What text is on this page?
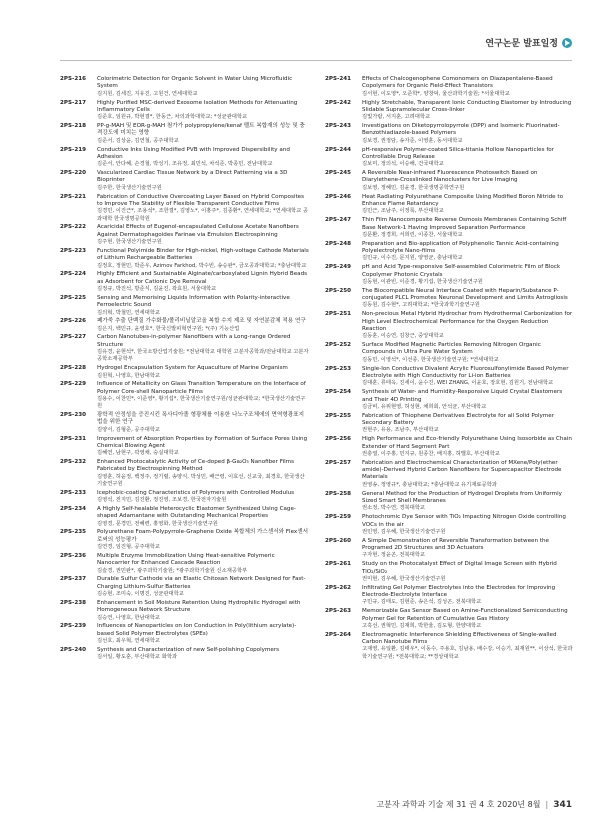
연구논문 발표일정
2PS-216	Colorimetric Detection for Organic Solvent in Water Using Microfluidic System
김지원, 김세진, 지유진, 고원건, 연세대학교
2PS-217	Highly Purified MSC-derived Exosome Isolation Methods for Attenuating Inflammatory Cells
김준호, 임원규, 박현결*, 한동근, 차의과학대학교; *성균관대학교
2PS-218	PP-g-MAH 및 EOR-g-MAH 첨가가 polypropylene/kenaf 펠트 복합재의 성능 및 충격강도에 미치는 영향
김준서, 김상윤, 김연철, 공주대학교
2PS-219	Conductive Inks Using Modified PVB with Improved Dispersibility and Adhesion
김준서, 안다혜, 손경철, 박성기, 조유정, 최민석, 차석준, 박종민, 전남대학교
2PS-220	Vascularized Cardiac Tissue Network by a Direct Patterning via a 3D Bioprinter
김주한, 한국생산기술연구원
2PS-221	Fabrication of Conductive Overcoating Layer Based on Hybrid Composites to Improve The Stability of Flexible Transparent Conductive Films
김경민, 이진근*, 조용석*, 조한결*, 김영노*, 이홍주*, 김종환*, 연세대학교; *연세대학교 공과대학 한국생명공학원
2PS-222	Acaricidal Effects of Eugenol-encapsulated Cellulose Acetate Nanofibers Against Dermatophagoides Farinae via Emulsion Electrospinning
김주현, 한국생산기술연구원
2PS-223	Functional Polyimide Binder for High-nickel, High-voltage Cathode Materials of Lithium Rechargeable Batteries
김정호, 정현민, 박준우, Azimov Farkhod, 박수빈, 송승완*, 금오공과대학교; *충남대학교
2PS-224	Highly Efficient and Sustainable Alginate/carboxylated Lignin Hybrid Beads as Adsorbent for Cationic Dye Removal
김정규, 박진석, 방준식, 김윤진, 곽효원, 서울대학교
2PS-225	Sensing and Memorising Liquids Information with Polarity-interactive Ferroelectric Sound
김의혁, 박철민, 연세대학교
2PS-226	폐가죽 추출 단백질 가수화물/폴리비닐알코올 복합 수지 제조 및 자연분감체 적용 연구
김은지, 백민규, 윤영호*, 한국신발피혁연구원; *(주) 기능산업
2PS-227	Carbon Nanotubes-in-polymer Nanofibers with a Long-range Ordered Structure
김유경, 윤현석*, 한국소방산업기술원; *전남대학교 대학원 고분자공학과/전남대학교 고분자공학소재공학부
2PS-228	Hydrogel Encapsulation System for Aquaculture of Marine Organism
김원혁, 나영호, 한남대학교
2PS-229	Influence of Metallicity on Glass Transition Temperature on the Interface of Polymer Core-shell Nanoparticle Films
김용수, 이찬민*, 이준영*, 황기섭*, 한국생산기술연구원/성균관대학교; *한국생산기술연구원
2PS-230	광학적 안정성을 증진시킨 폭사디아졸 형광체를 이용한 나노구조체에의 면역형광표지법을 위한 연구
김양서, 김형준, 공주대학교
2PS-231	Improvement of Absorption Properties by Formation of Surface Pores Using Chemical Blowing Agent
김혜연, 남현구, 곽영채, 숭실대학교
2PS-232	Enhanced Photocatalytic Activity of Ce-doped β-Ga₂O₃ Nanofiber Films Fabricated by Electrospinning Method
김영훈, 허윤정, 백정주, 정기렬, 송양식, 박성민, 배근령, 이효선, 신교국, 최경호, 한국생산기술연구원
2PS-233	Icephobic-coating Characteristics of Polymers with Controlled Modulus
김영석, 전지민, 김진환, 정진영, 조보경, 한국전자기술원
2PS-234	A Highly Self-healable Heterocyclic Elastomer Synthesized Using Cage-shaped Adamantane with Outstanding Mechanical Properties
김영경, 문경민, 전혜련, 홍영화, 한국생산기술연구원
2PS-235	Polyurethane Foam-Polypyrrole-Graphene Oxide 복합체의 가스센서와 Flex센서로써의 성능평가
김연경, 임진형, 공주대학교
2PS-236	Multiple Enzyme Immobilization Using Heat-sensitive Polymeric Nanocarrier for Enhanced Cascade Reaction
김슬경, 권민완*, 광주과학기술원; *광주과학기술원 신소재공학부
2PS-237	Durable Sulfur Cathode via an Elastic Chitosan Network Designed for Fast-Charging Lithium-Sulfur Batteries
김승현, 조미숙, 이명진, 성균관대학교
2PS-238	Enhancement in Soil Moisture Retention Using Hydrophilic Hydrogel with Homogeneous Network Structure
김승연, 나영호, 한남대학교
2PS-239	Influences of Nanoparticles on Ion Conduction in Poly(lithium acrylate)-based Solid Polymer Electrolytes (SPEs)
김선호, 최우혁, 연세대학교
2PS-240	Synthesis and Characterization of new Self-polishing Copolymers
김서일, 황도훈, 부산대학교 화학과
2PS-241	Effects of Chalcogenophene Comonomers on Diazapentalene-Based Copolymers for Organic Field-Effect Transistors
김서현, 이도영*, 오준학*, 양창덕, 울산과학기술원; *서울대학교
2PS-242	Highly Stretchable, Transparent Ionic Conducting Elastomer by Introducing Slidable Supramolecular Cross-linker
김빛가람, 서지훈, 고려대학교
2PS-243	Investigations on Diketopyrrolopyrrole (DPP) and Isomeric Fluorinated-Benzothiadiazole-based Polymers
김보경, 권정담, 송자준, 이영훈, 동서대학교
2PS-244	pH-responsive Polymer-coated Silica-titania Hollow Nanoparticles for Controllable Drug Release
김보미, 정의석, 이승해, 건국대학교
2PS-245	A Reversible Near-infrared Fluorescence Photoswitch Based on Diarylethene-Crosslinked Nanoclusters for Live Imaging
김보영, 정혜민, 김윤경, 한국생명공학연구원
2PS-246	Heat Radiating Polyurethane Composite Using Modified Boron Nitride to Enhance Flame Retardancy
김민근, 조남주, 이정록, 부산대학교
2PS-247	Thin Film Nanocomposite Reverse Osmosis Membranes Containing Schiff Base Network-1 Having Improved Separation Performance
김문환, 정경희, 서희린, 이종찬, 서울대학교
2PS-248	Preparation and Bio-application of Polyphenolic Tannic Acid-containing Polyelectrolyte Nano-films
김민규, 이수진, 문지원, 양영균, 충남대학교
2PS-249	pH and Acid Type-responsive Self-assembled Colorimetric Film of Block Copolymer Photonic Crystals
김동현, 이관빈, 이준경, 황기섭, 한국생산기술연구원
2PS-250	The Biocompatible Neural Interface Coated with Heparin/Substance P-conjugated PLCL Promotes Neuronal Development and Limits Astrogliosis
김동원, 김수현*, 고려대학교; *한국과학기술연구원
2PS-251	Non-precious Metal Hybrid Hydrochar from Hydrothermal Carbonization for High Level Electrochemical Performance for the Oxygen Reduction Reaction
김동훈, 이승연, 김창근, 중앙대학교
2PS-252	Surface Modified Magnetic Particles Removing Nitrogen Organic Compounds in Ultra Pure Water System
김동민, 이영석*, 이선종, 한국생산기술연구원; *연세대학교
2PS-253	Single-Ion Conductive Divalent Acrylic Fluorosulfonylimide Based Polymer Electrolyte with High Conductivity for Li-ion Batteries
김대훈, 류태옥, 진세이, 윤수진, WEI ZHANG, 이윤호, 장호현, 김원기, 전남대학교
2PS-254	Synthesis of Water- and Humidity-Responsive Liquid Crystal Elastomers and Their 4D Printing
김금비, 유위현영, 허성현, 채희회, 안석균, 부산대학교
2PS-255	Fabrication of Thiophene Derivatives Electrolyte for all Solid Polymer Secondary Battery
권현주, 유용, 조남주, 부산대학교
2PS-256	High Performance and Eco-friendly Polyurethane Using Isosorbide as Chain Extender of Hard Segment Part
권충열, 이주홍, 민지규, 원종찬, 배지홍, 허밸호, 부산대학교
2PS-257	Fabrication and Electrochemical Characterization of MXene/Poly(ether amide)-Derived Hybrid Carbon Nanofibers for Supercapacitor Electrode Materials
권영송, 정영규*, 충남대학교; *충남대학교 유기재료공학과
2PS-258	General Method for the Production of Hydrogel Droplets from Uniformly Sized Smart Shell Membranes
권소정, 박수연, 경북대학교
2PS-259	Photochromic Dye Sensor with TiO₂ Impacting Nitrogen Oxide controlling VOCs in the air
권민영, 김우혜, 한국생산기술연구원
2PS-260	A Simple Demonstration of Reversible Transformation between the Programed 2D Structures and 3D Actuators
구자현, 정윤곤, 전북대학교
2PS-261	Study on the Photocatalyst Effect of Digital Image Screen with Hybrid TiO₂/SiO₂
권미현, 김우혜, 한국생산기술연구원
2PS-262	Infiltrating Gel Polymer Electrolytes into the Electrodes for Improving Electrode-Electrolyte Interface
구민규, 김태도, 김현준, 송은석, 김성곤, 전북대학교
2PS-263	Memorizable Gas Sensor Based on Amine-Functionalized Semiconducting Polymer Gel for Retention of Cumulative Gas History
고혹선, 권혁민, 김재희, 박한울, 김도형, 한양대학교
2PS-264	Electromagnetic Interference Shielding Effectiveness of Single-walled Carbon Nanotube Films
고재영, 유일환, 김태우*, 이동수, 주용호, 김남용, 배수강, 이승기, 최재원**, 이상석, 한국과학기술연구원; *전북대학교; **경상대학교
고분자 과학과 기술 제 31 권 4 호 2020년 8월 | 341
